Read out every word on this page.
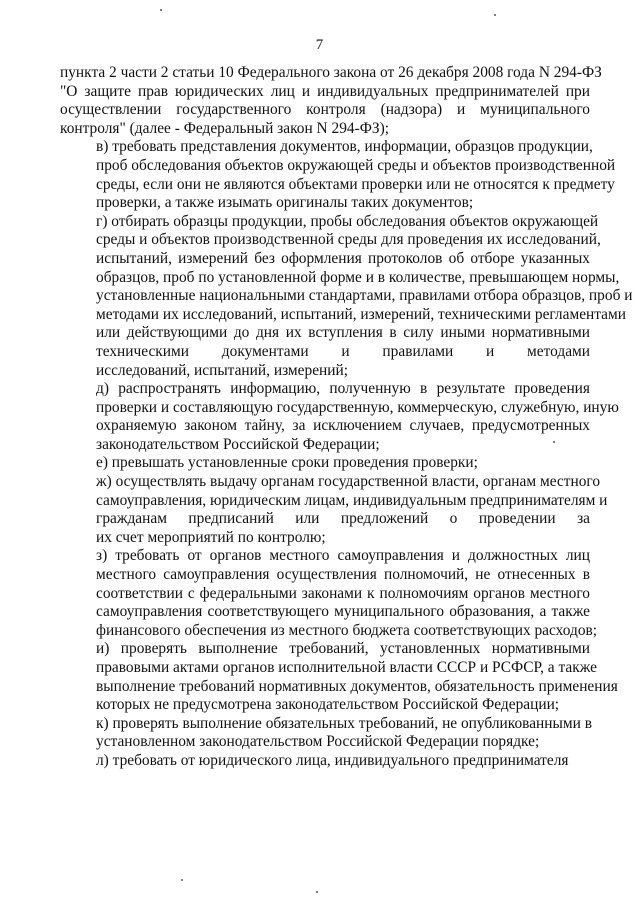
7

пункта 2 части 2 статьи 10 Федерального закона от 26 декабря 2008 года N 294-ФЗ
"О защите прав юридических лиц и индивидуальных предпринимателей при
осуществлении государственного контроля (надзора) и муниципального
контроля" (далее - Федеральный закон N 294-ФЗ);

в) требовать представления документов, информации, образцов продукции,
проб обследования объектов окружающей среды и объектов производственной
среды, если они не являются объектами проверки или не относятся к предмету
проверки, а также изымать оригиналы таких документов;

г) отбирать образцы продукции, пробы обследования объектов окружающей
среды и объектов производственной среды для проведения их исследований,
испытаний, измерений без оформления протоколов об отборе указанных
образцов, проб по установленной форме и в количестве, превышающем нормы,
установленные национальными стандартами, правилами отбора образцов, проб и
методами их исследований, испытаний, измерений, техническими регламентами
или действующими до дня их вступления в силу иными нормативными
техническими документами и правилами и методами
исследований, испытаний, измерений;

д) распространять информацию, полученную в результате проведения
проверки и составляющую государственную, коммерческую, служебную, иную
охраняемую законом тайну, за исключением случаев, предусмотренных
законодательством Российской Федерации;

е) превышать установленные сроки проведения проверки;

ж) осуществлять выдачу органам государственной власти, органам местного
самоуправления, юридическим лицам, индивидуальным предпринимателям и
гражданам предписаний или предложений о проведении за
их счет мероприятий по контролю;

з) требовать от органов местного самоуправления и должностных лиц
местного самоуправления осуществления полномочий, не отнесенных в
соответствии с федеральными законами к полномочиям органов местного
самоуправления соответствующего муниципального образования, а также
финансового обеспечения из местного бюджета соответствующих расходов;

и) проверять выполнение требований, установленных нормативными
правовыми актами органов исполнительной власти СССР и РСФСР, а также
выполнение требований нормативных документов, обязательность применения
которых не предусмотрена законодательством Российской Федерации;

к) проверять выполнение обязательных требований, не опубликованными в
установленном законодательством Российской Федерации порядке;

л) требовать от юридического лица, индивидуального предпринимателя
